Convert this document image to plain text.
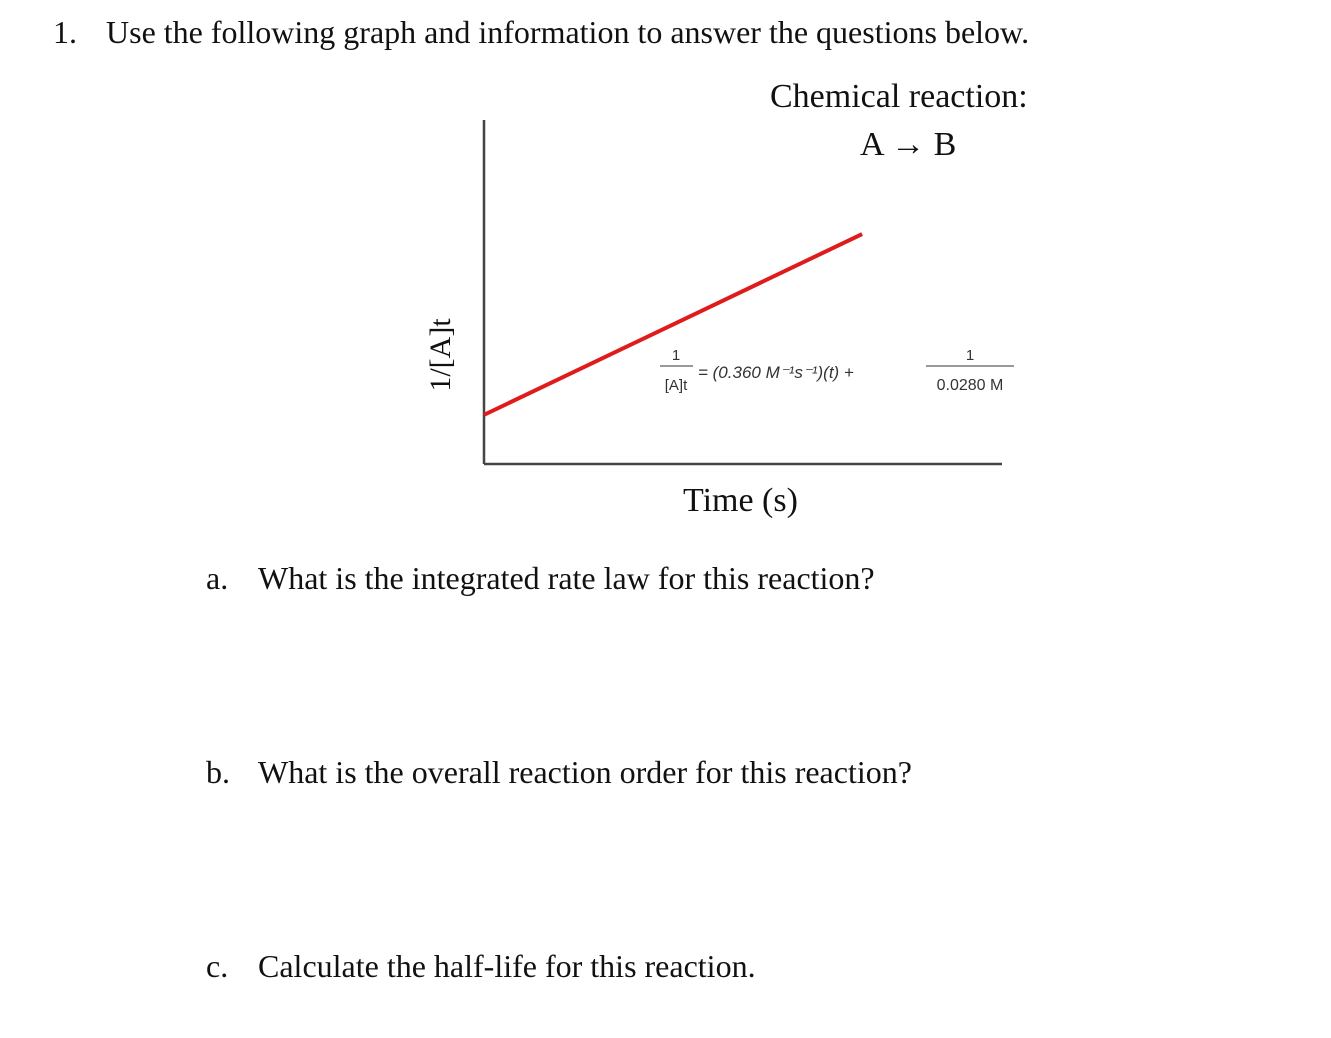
1. Use the following graph and information to answer the questions below.
Chemical reaction:
A → B
1/[A]t	1
[A]t
= (0.360 M⁻¹s⁻¹)(t) +
1
0.0280 M
Time (s)
a. What is the integrated rate law for this reaction?
b. What is the overall reaction order for this reaction?
c. Calculate the half-life for this reaction.
